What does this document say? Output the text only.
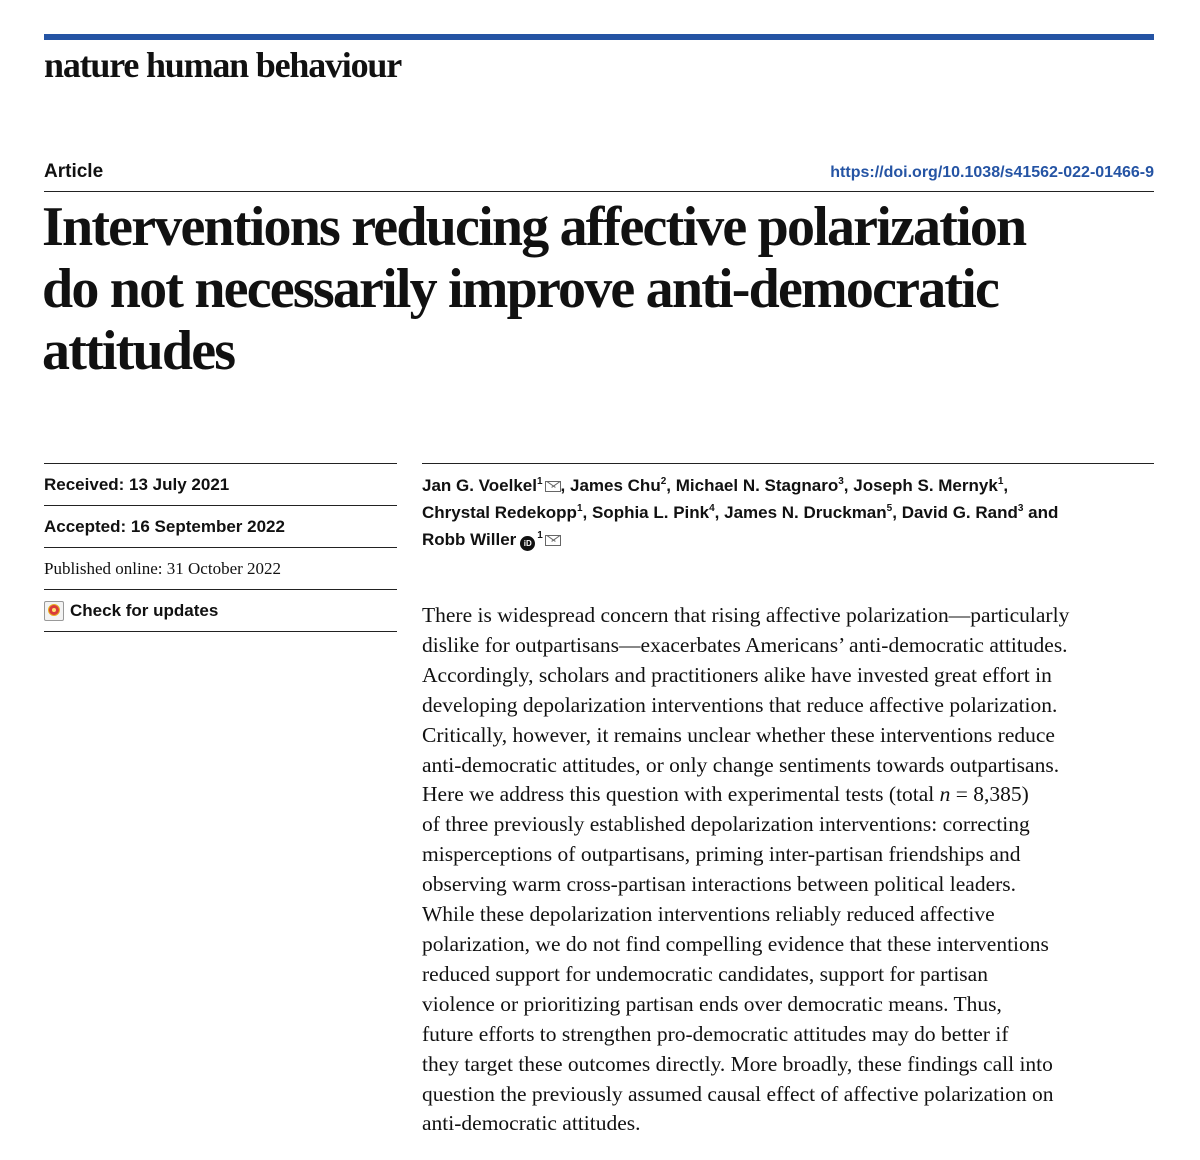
nature human behaviour
Article	https://doi.org/10.1038/s41562-022-01466-9
Interventions reducing affective polarization
do not necessarily improve anti-democratic
attitudes
Received: 13 July 2021
Accepted: 16 September 2022
Published online: 31 October 2022
Check for updates
Jan G. Voelkel$^1$ , James Chu$^2$, Michael N. Stagnaro$^3$, Joseph S. Mernyk$^1$,
Chrystal Redekopp$^1$, Sophia L. Pink$^4$, James N. Druckman$^5$, David G. Rand$^3$ and
Robb Willer $iD^1$

There is widespread concern that rising affective polarization—particularly
dislike for outpartisans—exacerbates Americans’ anti-democratic attitudes.
Accordingly, scholars and practitioners alike have invested great effort in
developing depolarization interventions that reduce affective polarization.
Critically, however, it remains unclear whether these interventions reduce
anti-democratic attitudes, or only change sentiments towards outpartisans.
Here we address this question with experimental tests (total n = 8,385)
of three previously established depolarization interventions: correcting
misperceptions of outpartisans, priming inter-partisan friendships and
observing warm cross-partisan interactions between political leaders.
While these depolarization interventions reliably reduced affective
polarization, we do not find compelling evidence that these interventions
reduced support for undemocratic candidates, support for partisan
violence or prioritizing partisan ends over democratic means. Thus,
future efforts to strengthen pro-democratic attitudes may do better if
they target these outcomes directly. More broadly, these findings call into
question the previously assumed causal effect of affective polarization on
anti-democratic attitudes.
